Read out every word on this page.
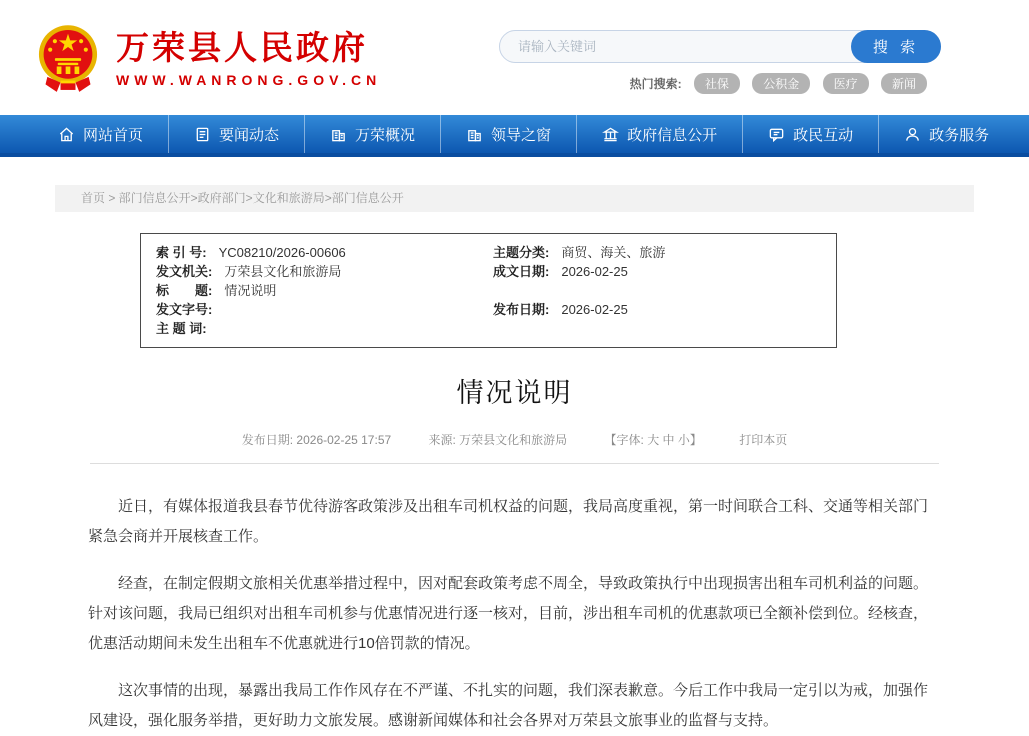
万荣县人民政府
WWW.WANRONG.GOV.CN
请输入关键词
搜 索
热门搜索: 社保	公积金	医疗	新闻
网站首页	要闻动态	万荣概况	领导之窗	政府信息公开	政民互动	政务服务
首页 > 部门信息公开>政府部门>文化和旅游局>部门信息公开
索 引 号: YC08210/2026-00606	主题分类: 商贸、海关、旅游
发文机关: 万荣县文化和旅游局	成文日期: 2026-02-25
标　　题: 情况说明
发文字号:	发布日期: 2026-02-25
主 题 词:
情况说明
发布日期: 2026-02-25 17:57	来源: 万荣县文化和旅游局	【字体: 大 中 小】	打印本页

近日，有媒体报道我县春节优待游客政策涉及出租车司机权益的问题，我局高度重视，第一时间联合工科、交通等相关部门紧急会商并开展核查工作。

经查，在制定假期文旅相关优惠举措过程中，因对配套政策考虑不周全，导致政策执行中出现损害出租车司机利益的问题。针对该问题，我局已组织对出租车司机参与优惠情况进行逐一核对，目前，涉出租车司机的优惠款项已全额补偿到位。经核查，优惠活动期间未发生出租车不优惠就进行10倍罚款的情况。

这次事情的出现，暴露出我局工作作风存在不严谨、不扎实的问题，我们深表歉意。今后工作中我局一定引以为戒，加强作风建设，强化服务举措，更好助力文旅发展。感谢新闻媒体和社会各界对万荣县文旅事业的监督与支持。
